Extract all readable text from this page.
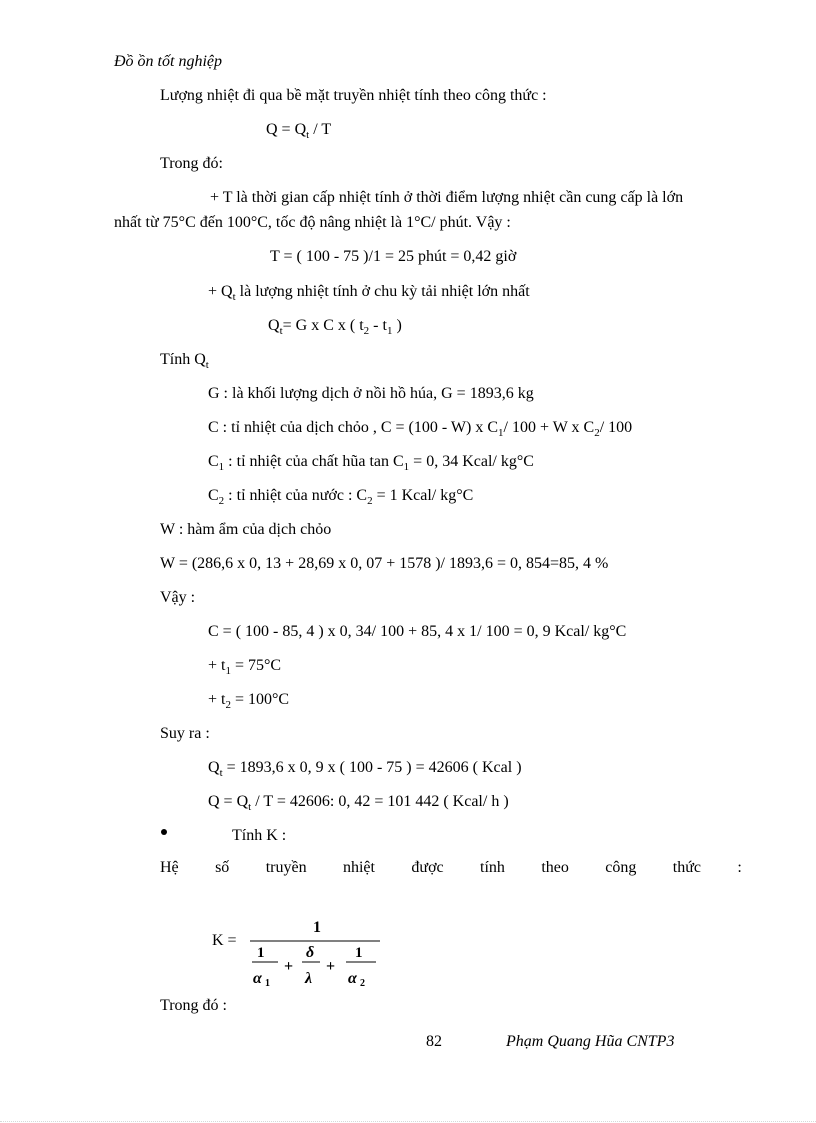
Đồ ồn tốt nghiệp
Lượng nhiệt đi qua bề mặt truyền nhiệt tính theo công thức :
$Q = Q_t / T$
Trong đó:
+ T là thời gian cấp nhiệt tính ở thời điểm lượng nhiệt cần cung cấp là lớn
nhất từ 75°C đến 100°C, tốc độ nâng nhiệt là 1°C/ phút. Vậy :
T = ( 100 - 75 )/1 = 25 phút = 0,42 giờ
+ $Q_t$ là lượng nhiệt tính ở chu kỳ tải nhiệt lớn nhất
$Q_t= G$ x C x ( $t_2 - t_1$ )
Tính $Q_t$
G : là khối lượng dịch ở nồi hồ húa, G = 1893,6 kg
C : tỉ nhiệt của dịch chỏo , C = (100 - W) x $C_1/$ 100 + W x $C_2/$ 100
$C_1$ : tỉ nhiệt của chất hũa $\tan C_1 = 0$, 34 Kcal/ kg°C
$C_2$ : tỉ nhiệt của nước : $C_2 = 1$ Kcal/ kg°C
W : hàm ẩm của dịch chỏo
W = (286,6 x 0, 13 + 28,69 x 0, 07 + 1578 )/ 1893,6 = 0, 854=85, 4 %
Vậy :
C = ( 100 - 85, 4 ) x 0, 34/ 100 + 85, 4 x 1/ 100 = 0, 9 Kcal/ kg°C
+ $t_1 = 75^\circ C$
+ $t_2 = 100^\circ C$
Suy ra :
$Q_t = 1893,6$ x 0, 9 x ( 100 - 75 ) = 42606 ( Kcal )
$Q = Q_t / T = 42606$: 0, 42 = 101 442 ( Kcal/ h )
Tính K :
Hệ số truyền nhiệt được tính theo công thức :
K =
1
1
α 1
+
δ
λ
+
1
α 2
Trong đó :
82	Phạm Quang Hũa CNTP3
